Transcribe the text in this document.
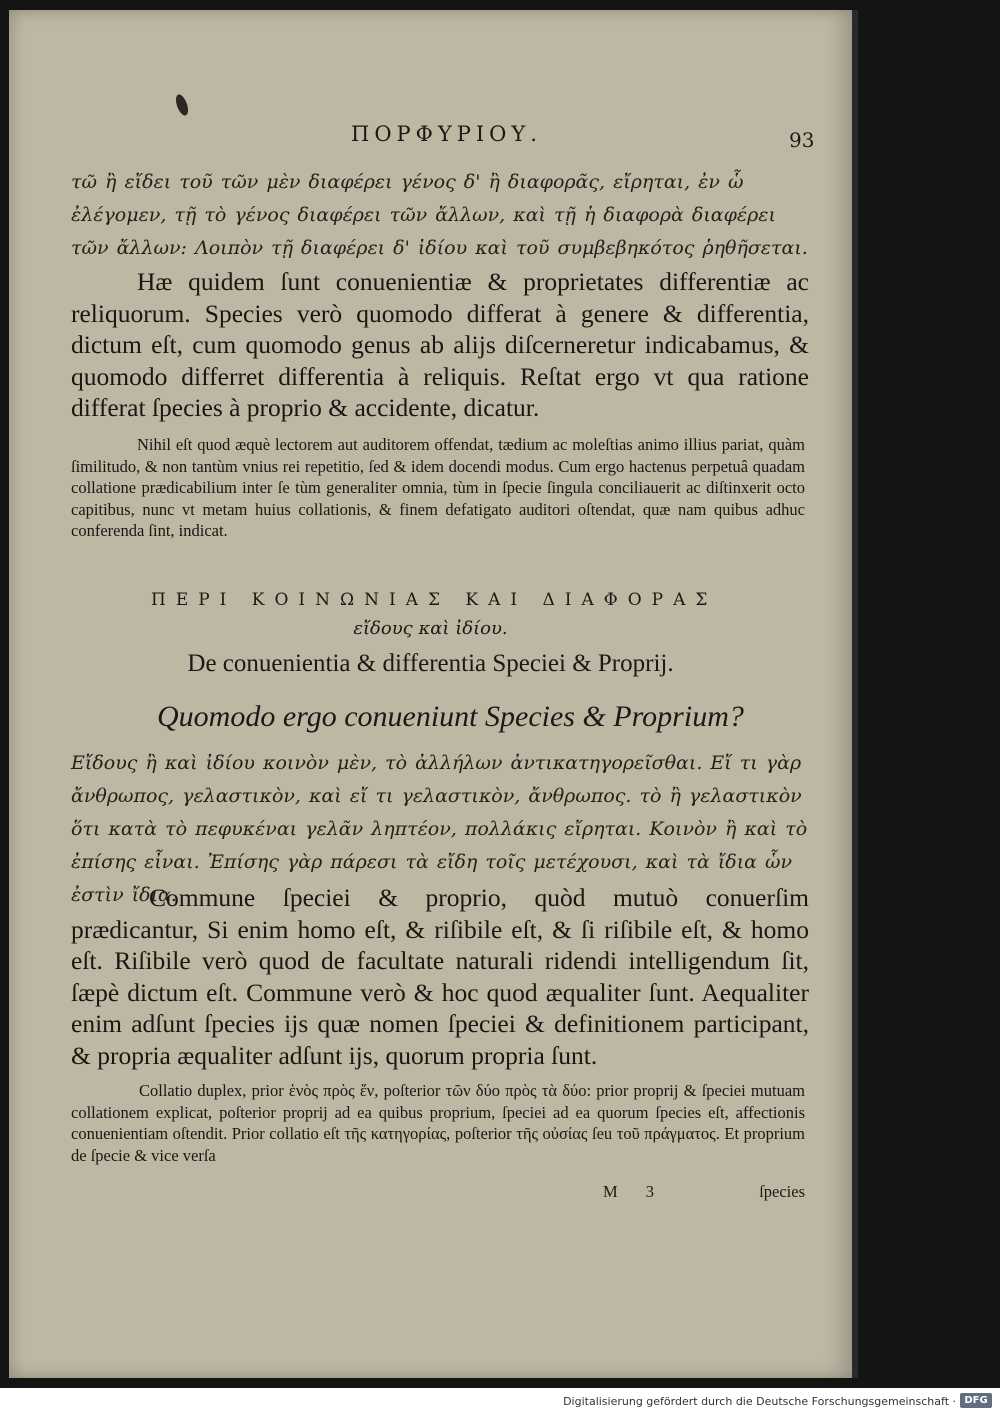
ΠΟΡΦΥΡΙΟΥ.	93
τῶ ἢ εἴδει τοῦ τῶν μὲν διαφέρει γένος δ' ἢ διαφορᾶς, εἴρηται, ἐν ὧ ἐλέγομεν, τῇ τὸ γένος διαφέρει τῶν ἄλλων, καὶ τῇ ἡ διαφορὰ διαφέρει τῶν ἄλλων: Λοιπὸν τῇ διαφέρει δ' ἰδίου καὶ τοῦ συμβεβηκότος ῥηθῆσεται.
Hæ quidem ſunt conuenientiæ & proprietates differentiæ ac reliquorum. Species verò quomodo differat à genere & differentia, dictum eſt, cum quomodo genus ab alijs diſcerneretur indicabamus, & quomodo differret differentia à reliquis. Reſtat ergo vt qua ratione differat ſpecies à proprio & accidente, dicatur.
Nihil eſt quod æquè lectorem aut auditorem offendat, tædium ac moleſtias animo illius pariat, quàm ſimilitudo, & non tantùm vnius rei repetitio, ſed & idem docendi modus. Cum ergo hactenus perpetuâ quadam collatione prædicabilium inter ſe tùm generaliter omnia, tùm in ſpecie ſingula conciliauerit ac diſtinxerit octo capitibus, nunc vt metam huius collationis, & finem defatigato auditori oſtendat, quæ nam quibus adhuc conferenda ſint, indicat.
ΠΕΡΙ ΚΟΙΝΩΝΙΑΣ ΚΑΙ ΔΙΑΦΟΡΑΣ
εἴδους καὶ ἰδίου.
De conuenientia & differentia Speciei & Proprij.
Quomodo ergo conueniunt Species & Proprium?
Εἴδους ἢ καὶ ἰδίου κοινὸν μὲν, τὸ ἀλλήλων ἀντικατηγορεῖσθαι. Εἴ τι γὰρ ἄνθρωπος, γελαστικὸν, καὶ εἴ τι γελαστικὸν, ἄνθρωπος. τὸ ἢ γελαστικὸν ὅτι κατὰ τὸ πεφυκέναι γελᾶν ληπτέον, πολλάκις εἴρηται. Κοινὸν ἢ καὶ τὸ ἐπίσης εἶναι. Ἐπίσης γὰρ πάρεσι τὰ εἴδη τοῖς μετέχουσι, καὶ τὰ ἴδια ὧν ἐστὶν ἴδια.
Commune ſpeciei & proprio, quòd mutuò conuerſim prædicantur, Si enim homo eſt, & riſibile eſt, & ſi riſibile eſt, & homo eſt. Riſibile verò quod de facultate naturali ridendi intelligendum ſit, ſæpè dictum eſt. Commune verò & hoc quod æqualiter ſunt. Aequaliter enim adſunt ſpecies ijs quæ nomen ſpeciei & definitionem participant, & propria æqualiter adſunt ijs, quorum propria ſunt.
Collatio duplex, prior ἑνὸς πρὸς ἕν, poſterior τῶν δύο πρὸς τὰ δύο: prior proprij & ſpeciei mutuam collationem explicat, poſterior proprij ad ea quibus proprium, ſpeciei ad ea quorum ſpecies eſt, affectionis conuenientiam oſtendit. Prior collatio eſt τῆς κατηγορίας, poſterior τῆς οὐσίας ſeu τοῦ πράγματος. Et proprium de ſpecie & vice verſa
M 3	ſpecies
Digitalisierung gefördert durch die Deutsche Forschungsgemeinschaft · DFG
